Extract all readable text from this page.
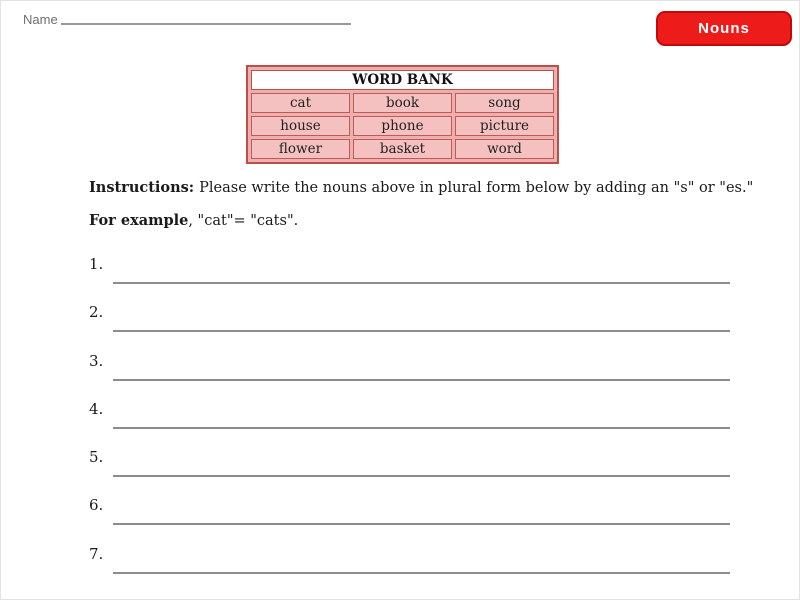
Name
Nouns
WORD BANK
cat	book	song
house	phone	picture
flower	basket	word

Instructions: Please write the nouns above in plural form below by adding an "s" or "es."

For example, "cat"= "cats".

1.
2.
3.
4.
5.
6.
7.
